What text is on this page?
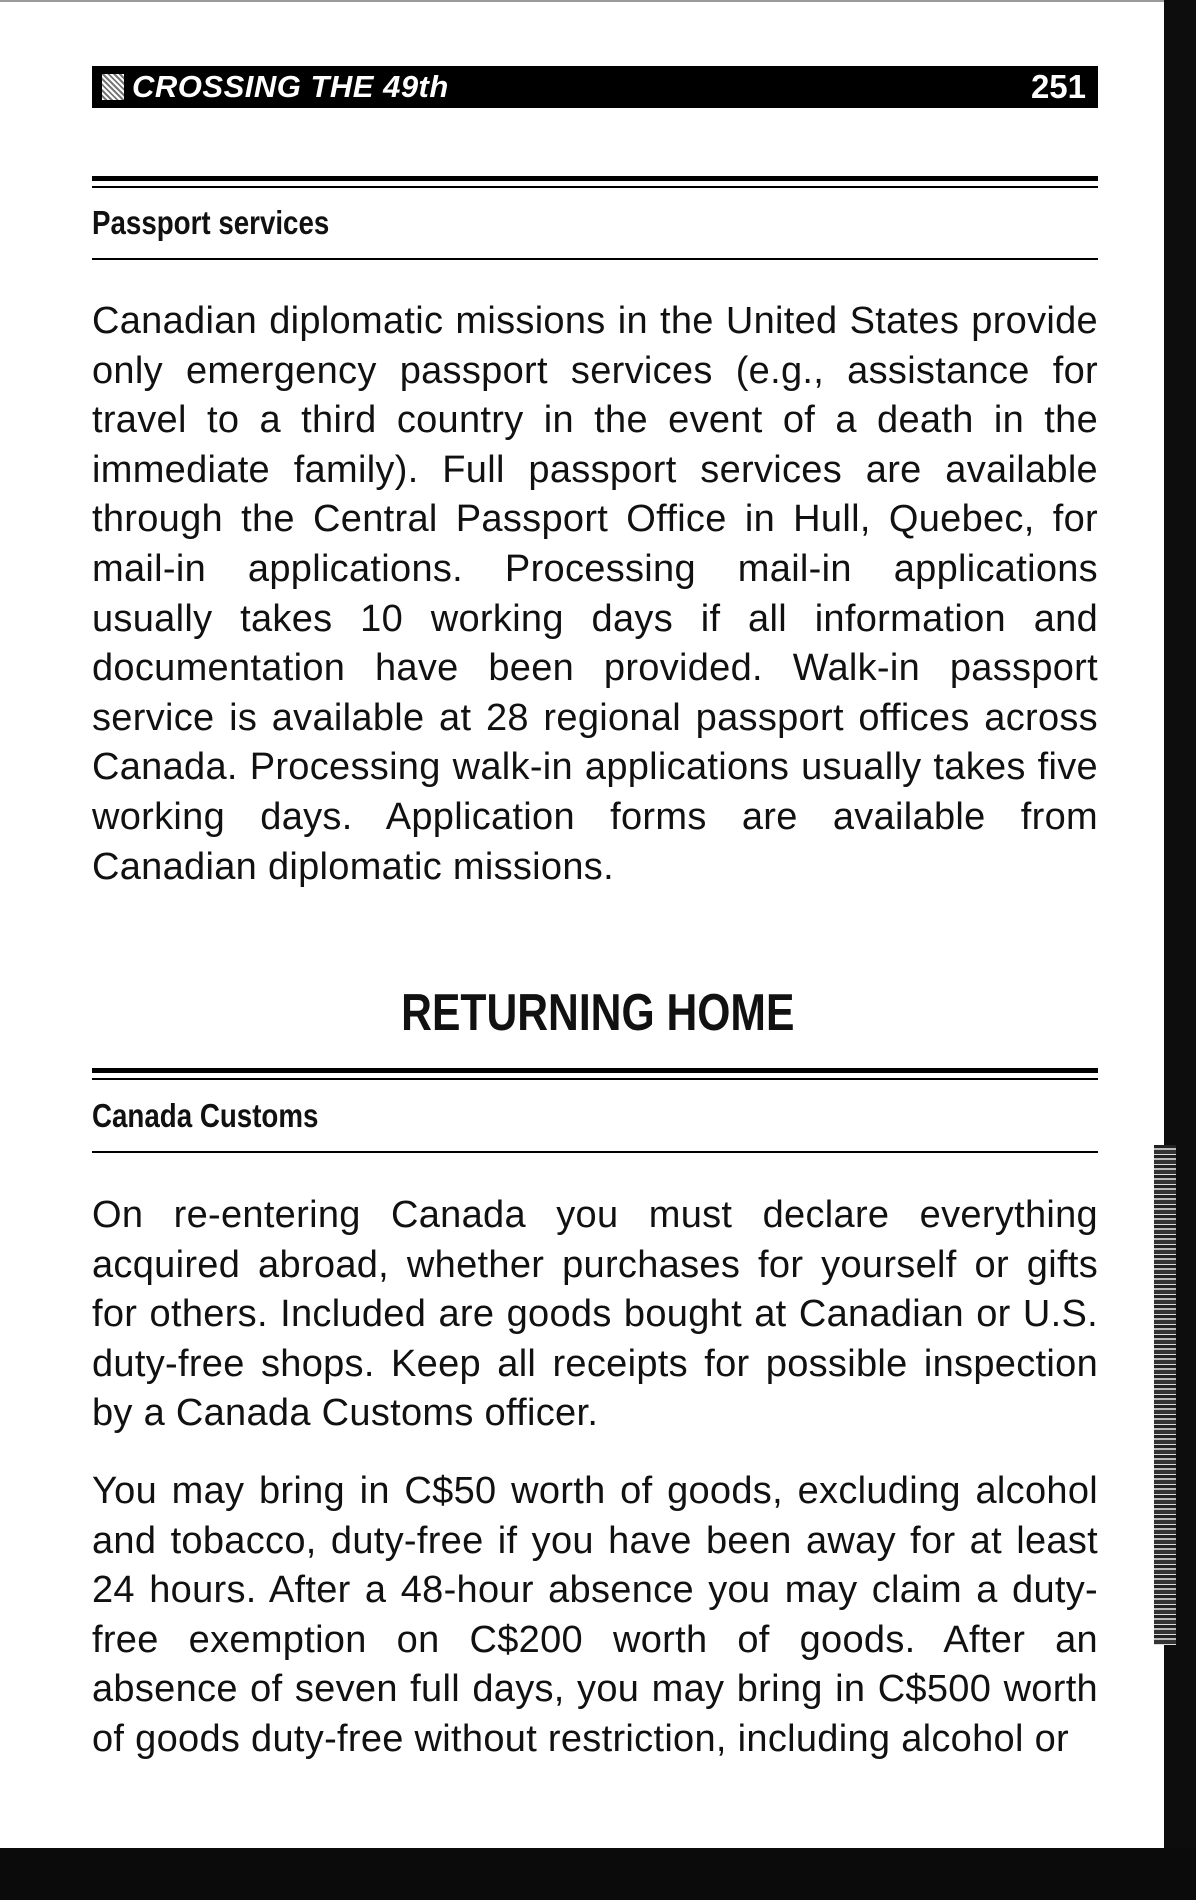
CROSSING THE 49th	251
Passport services
Canadian diplomatic missions in the United States provide only emergency passport services (e.g., assistance for travel to a third country in the event of a death in the immediate family). Full passport services are available through the Central Passport Office in Hull, Quebec, for mail-in applications. Processing mail-in applications usually takes 10 working days if all information and documentation have been provided. Walk-in passport service is available at 28 regional passport offices across Canada. Processing walk-in applications usually takes five working days. Application forms are available from Canadian diplomatic missions.
RETURNING HOME
Canada Customs
On re-entering Canada you must declare everything acquired abroad, whether purchases for yourself or gifts for others. Included are goods bought at Canadian or U.S. duty-free shops. Keep all receipts for possible inspection by a Canada Customs officer.
You may bring in C$50 worth of goods, excluding alcohol and tobacco, duty-free if you have been away for at least 24 hours. After a 48-hour absence you may claim a duty-free exemption on C$200 worth of goods. After an absence of seven full days, you may bring in C$500 worth of goods duty-free without restriction, including alcohol or
